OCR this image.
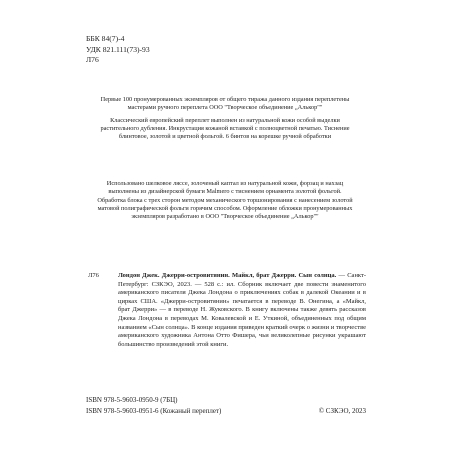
ББК 84(7)-4
УДК 821.111(73)-93
Л76

Первые 100 пронумерованных экземпляров от общего тиража данного издания переплетены мастерами ручного переплета ООО "Творческое объединение „Алькор""

Классический европейский переплет выполнен из натуральной кожи особой выделки растительного дубления. Инкрустация кожаной вставкой с полноцветной печатью. Тиснение блинтовое, золотой и цветной фольгой. 6 бинтов на корешке ручной обработки

Использовано шелковое ляссе, золоченый каптал из натуральной кожи, форзац и нахзац выполнены из дизайнерской бумаги Malmero с тиснением орнамента золотой фольгой. Обработка блока с трех сторон методом механического торшонирования с нанесением золотой матовой полиграфической фольги горячим способом. Оформление обложки пронумерованных экземпляров разработано в ООО "Творческое объединение „Алькор""

Л76	Лондон Джек. Джерри-островитянин. Майкл, брат Джерри. Сын солнца. — Санкт-Петербург: СЗКЭО, 2023. — 528 с.: ил. Сборник включает две повести знаменитого американского писателя Джека Лондона о приключениях собак в далекой Океании и в цирках США. «Джерри-островитянин» печатается в переводе В. Онегина, а «Майкл, брат Джерри» — в переводе Н. Жуковского. В книгу включены также девять рассказов Джека Лондона в переводах М. Ковалевской и Е. Уткиной, объединенных под общим названием «Сын солнца». В конце издания приведен краткий очерк о жизни и творчестве американского художника Антона Отто Фишера, чьи великолепные рисунки украшают большинство произведений этой книги.
ISBN 978-5-9603-0950-9 (7БЦ)
ISBN 978-5-9603-0951-6 (Кожаный переплет)	© СЗКЭО, 2023
